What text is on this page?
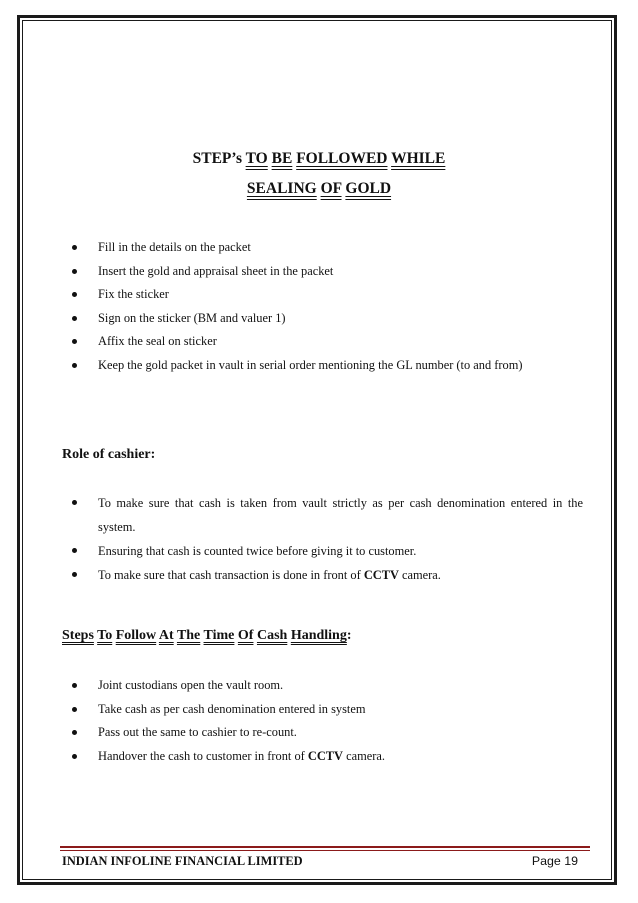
STEP’s TO BE FOLLOWED WHILE
SEALING OF GOLD
Fill in the details on the packet
Insert the gold and appraisal sheet in the packet
Fix the sticker
Sign on the sticker (BM and valuer 1)
Affix the seal on sticker
Keep the gold packet in vault in serial order mentioning the GL number (to and from)
Role of cashier:
To make sure that cash is taken from vault strictly as per cash denomination entered in the system.
Ensuring that cash is counted twice before giving it to customer.
To make sure that cash transaction is done in front of CCTV camera.
Steps To Follow At The Time Of Cash Handling:
Joint custodians open the vault room.
Take cash as per cash denomination entered in system
Pass out the same to cashier to re-count.
Handover the cash to customer in front of CCTV camera.
INDIAN INFOLINE FINANCIAL LIMITED	Page 19
